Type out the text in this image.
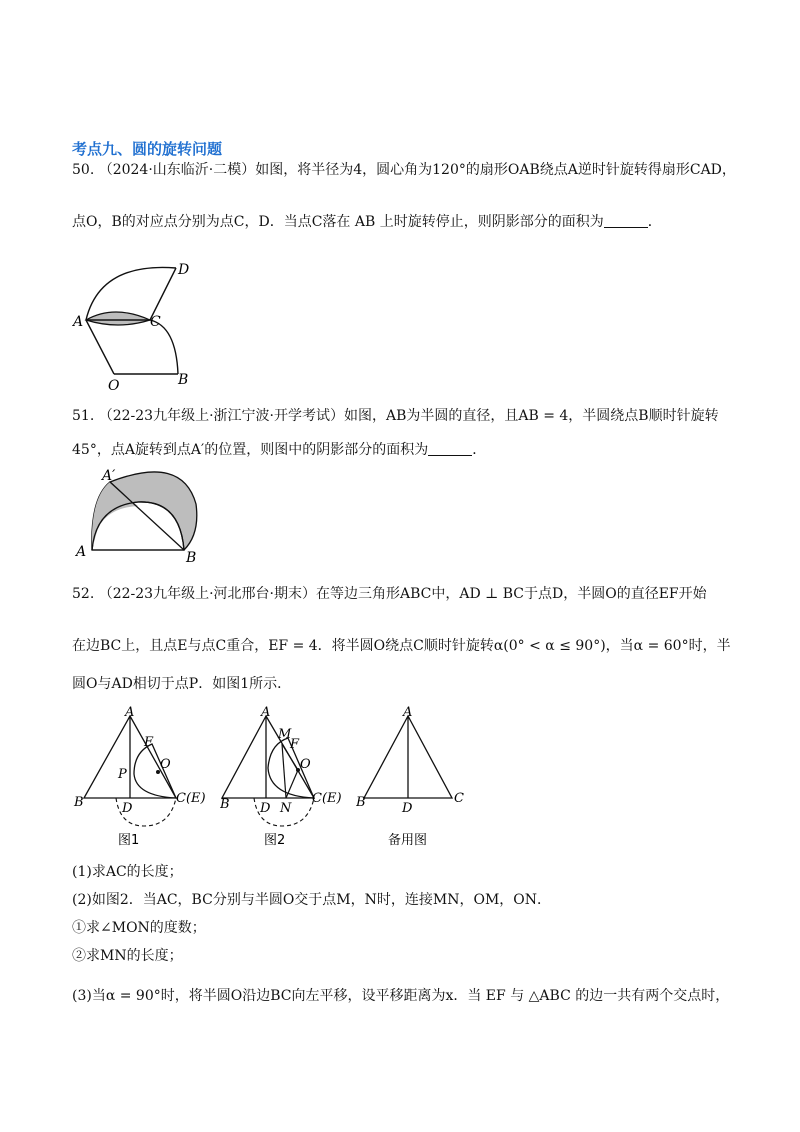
考点九、圆的旋转问题
50. （2024·山东临沂·二模）如图，将半径为4，圆心角为120°的扇形OAB绕点A逆时针旋转得扇形CAD，
点O，B的对应点分别为点C，D．当点C落在 AB 上时旋转停止，则阴影部分的面积为	．
D
A	C
O	B
51. （22-23九年级上·浙江宁波·开学考试）如图，AB为半圆的直径，且AB = 4，半圆绕点B顺时针旋转
45°，点A旋转到点A′的位置，则图中的阴影部分的面积为	．
A′
A	B
52. （22-23九年级上·河北邢台·期末）在等边三角形ABC中，AD ⊥ BC于点D，半圆O的直径EF开始
在边BC上，且点E与点C重合，EF = 4．将半圆O绕点C顺时针旋转α(0° < α ≤ 90°)，当α = 60°时，半
圆O与AD相切于点P．如图1所示．
A
F
P
O
B	D
C(E)
图1
A
M
F
O
B D N
C(E)
图2
A
B	D
C
备用图
(1)求AC的长度；
(2)如图2．当AC，BC分别与半圆O交于点M，N时，连接MN，OM，ON．
①求∠MON的度数；
②求MN的长度；
(3)当α = 90°时，将半圆O沿边BC向左平移，设平移距离为x．当 EF 与 △ABC 的边一共有两个交点时，
